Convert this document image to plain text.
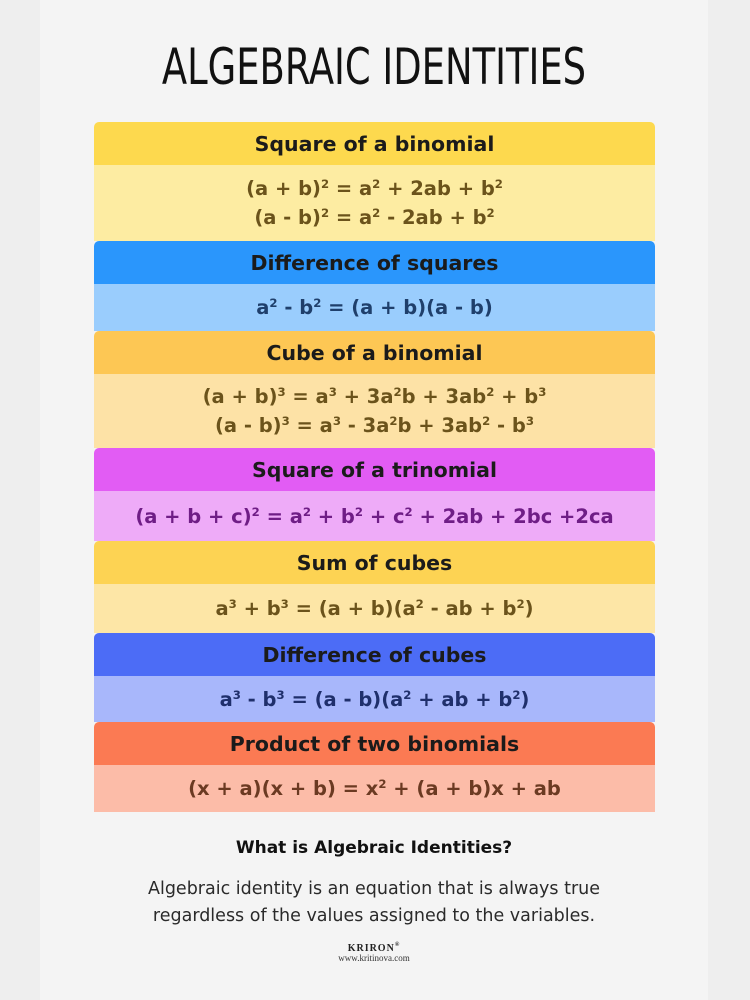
ALGEBRAIC IDENTITIES
Square of a binomial
$(a + b)^2 = a^2 + 2ab + b^2$
$(a - b)^2 = a^2 - 2ab + b^2$
Difference of squares
$a^2 - b^2 = (a + b)(a - b)$
Cube of a binomial
$(a + b)^3 = a^3 + 3a^2b + 3ab^2 + b^3$
$(a - b)^3 = a^3 - 3a^2b + 3ab^2 - b^3$
Square of a trinomial
$(a + b + c)^2 = a^2 + b^2 + c^2 + 2ab + 2bc +2ca$
Sum of cubes
$a^3 + b^3 = (a + b)(a^2$ - ab + $b^2$)
Difference of cubes
$a^3 - b^3 = (a - b)(a^2$ + ab + $b^2$)
Product of two binomials
$(x + a)(x + b) = x^2 + (a + b)x$ + ab
What is Algebraic Identities?
Algebraic identity is an equation that is always true regardless of the values assigned to the variables.
KRIRON®
www.kritinova.com
